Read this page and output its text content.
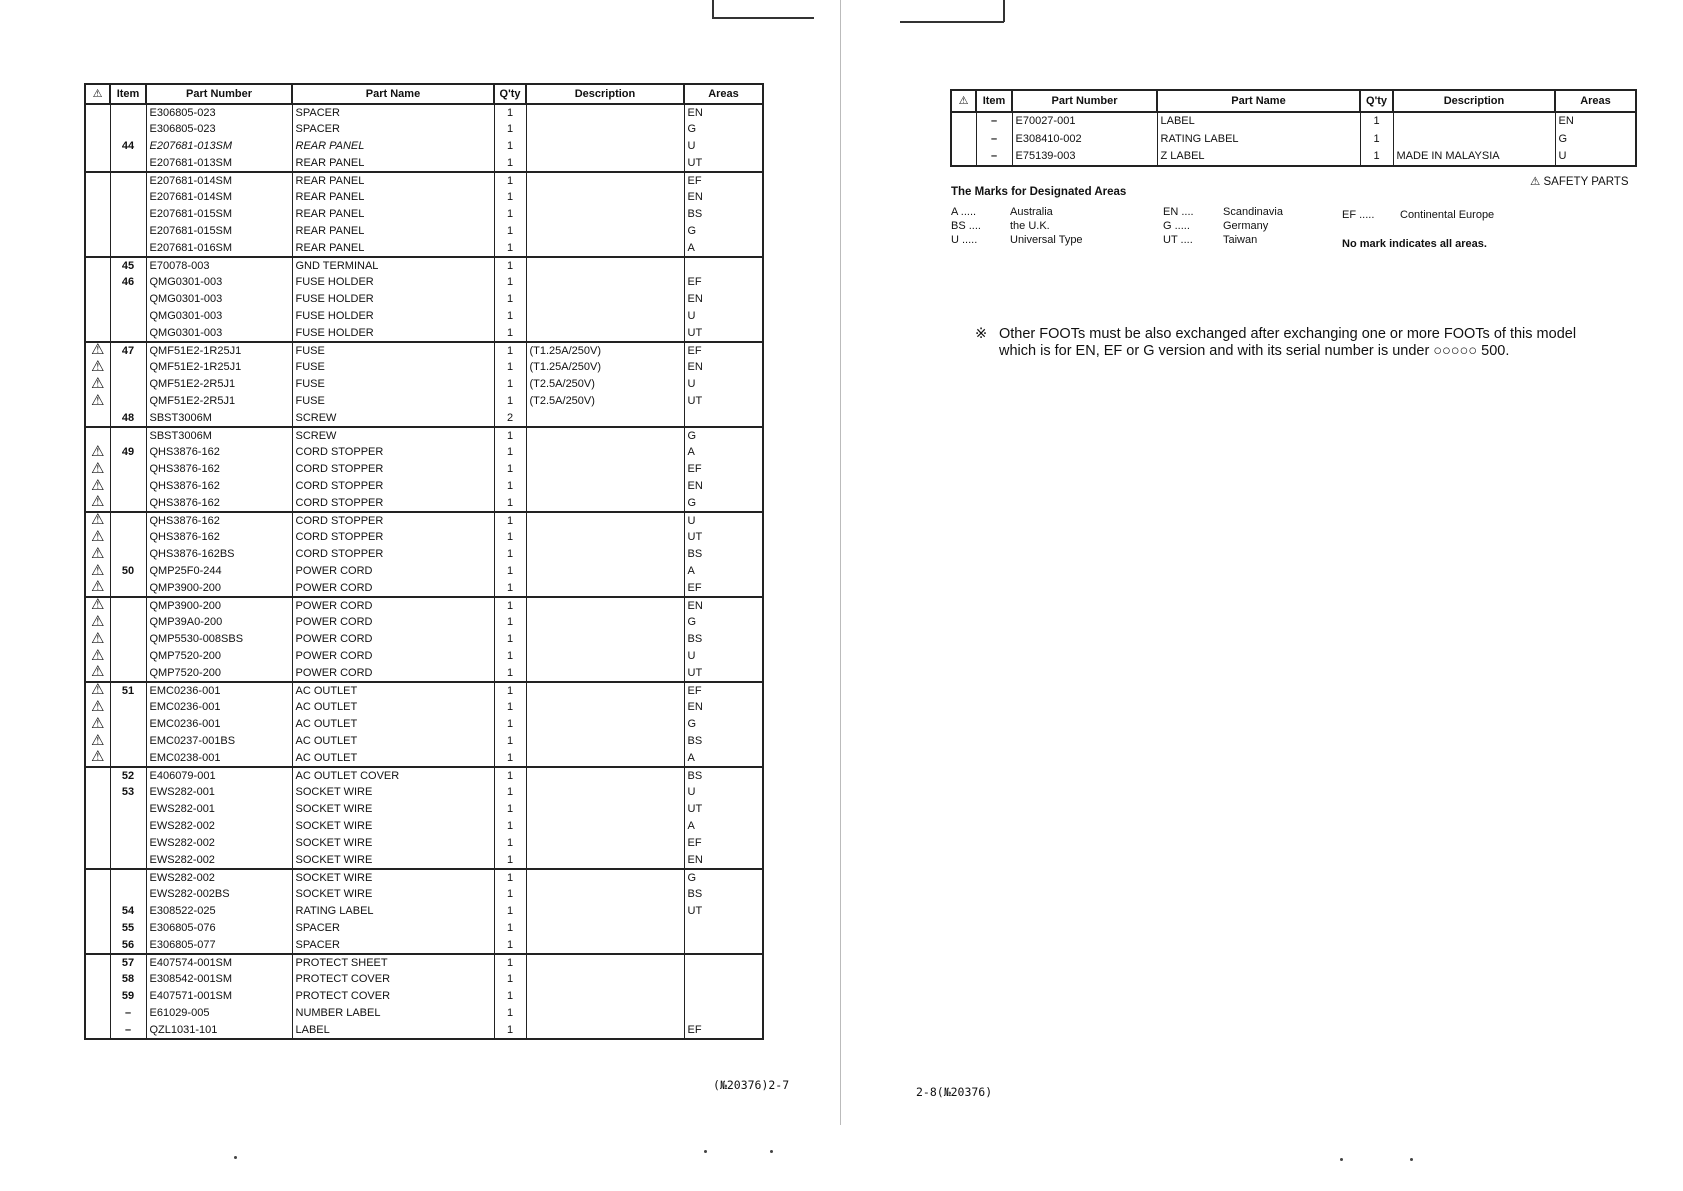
⚠	Item	Part Number	Part Name	Q'ty	Description	Areas
		E306805-023	SPACER	1		EN
		E306805-023	SPACER	1		G
	44	E207681-013SM	REAR PANEL	1		U
		E207681-013SM	REAR PANEL	1		UT
		E207681-014SM	REAR PANEL	1		EF
		E207681-014SM	REAR PANEL	1		EN
		E207681-015SM	REAR PANEL	1		BS
		E207681-015SM	REAR PANEL	1		G
		E207681-016SM	REAR PANEL	1		A
	45	E70078-003	GND TERMINAL	1		
	46	QMG0301-003	FUSE HOLDER	1		EF
		QMG0301-003	FUSE HOLDER	1		EN
		QMG0301-003	FUSE HOLDER	1		U
		QMG0301-003	FUSE HOLDER	1		UT
⚠	47	QMF51E2-1R25J1	FUSE	1	(T1.25A/250V)	EF
⚠		QMF51E2-1R25J1	FUSE	1	(T1.25A/250V)	EN
⚠		QMF51E2-2R5J1	FUSE	1	(T2.5A/250V)	U
⚠		QMF51E2-2R5J1	FUSE	1	(T2.5A/250V)	UT
	48	SBST3006M	SCREW	2		
		SBST3006M	SCREW	1		G
⚠	49	QHS3876-162	CORD STOPPER	1		A
⚠		QHS3876-162	CORD STOPPER	1		EF
⚠		QHS3876-162	CORD STOPPER	1		EN
⚠		QHS3876-162	CORD STOPPER	1		G
⚠		QHS3876-162	CORD STOPPER	1		U
⚠		QHS3876-162	CORD STOPPER	1		UT
⚠		QHS3876-162BS	CORD STOPPER	1		BS
⚠	50	QMP25F0-244	POWER CORD	1		A
⚠		QMP3900-200	POWER CORD	1		EF
⚠		QMP3900-200	POWER CORD	1		EN
⚠		QMP39A0-200	POWER CORD	1		G
⚠		QMP5530-008SBS	POWER CORD	1		BS
⚠		QMP7520-200	POWER CORD	1		U
⚠		QMP7520-200	POWER CORD	1		UT
⚠	51	EMC0236-001	AC OUTLET	1		EF
⚠		EMC0236-001	AC OUTLET	1		EN
⚠		EMC0236-001	AC OUTLET	1		G
⚠		EMC0237-001BS	AC OUTLET	1		BS
⚠		EMC0238-001	AC OUTLET	1		A
	52	E406079-001	AC OUTLET COVER	1		BS
	53	EWS282-001	SOCKET WIRE	1		U
		EWS282-001	SOCKET WIRE	1		UT
		EWS282-002	SOCKET WIRE	1		A
		EWS282-002	SOCKET WIRE	1		EF
		EWS282-002	SOCKET WIRE	1		EN
		EWS282-002	SOCKET WIRE	1		G
		EWS282-002BS	SOCKET WIRE	1		BS
	54	E308522-025	RATING LABEL	1		UT
	55	E306805-076	SPACER	1		
	56	E306805-077	SPACER	1		
	57	E407574-001SM	PROTECT SHEET	1		
	58	E308542-001SM	PROTECT COVER	1		
	59	E407571-001SM	PROTECT COVER	1		
	–	E61029-005	NUMBER LABEL	1		
	–	QZL1031-101	LABEL	1		EF
⚠	Item	Part Number	Part Name	Q'ty	Description	Areas
	–	E70027-001	LABEL	1		EN
	–	E308410-002	RATING LABEL	1		G
	–	E75139-003	Z LABEL	1	MADE IN MALAYSIA	U
⚠ SAFETY PARTS
The Marks for Designated Areas
A .....	Australia
BS ....	the U.K.
U .....	Universal Type
EN ....	Scandinavia
G .....	Germany
UT ....	Taiwan
EF ..... Continental Europe
No mark indicates all areas.
※ Other FOOTs must be also exchanged after exchanging one or more FOOTs of this model
which is for EN, EF or G version and with its serial number is under ○○○○○ 500.
(№20376)2-7	2-8(№20376)
